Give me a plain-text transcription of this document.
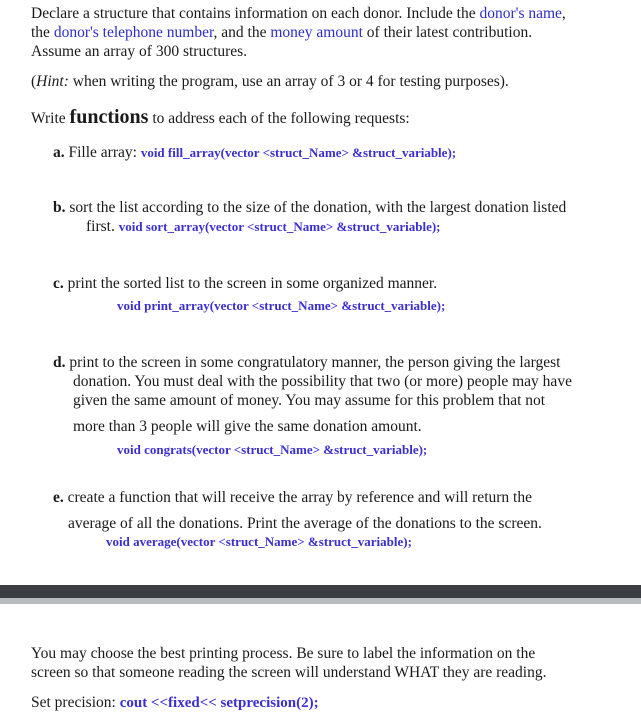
Declare a structure that contains information on each donor. Include the donor's name,
the donor's telephone number, and the money amount of their latest contribution.
Assume an array of 300 structures.
(Hint: when writing the program, use an array of 3 or 4 for testing purposes).
Write functions to address each of the following requests:
a. Fille array: void fill_array(vector <struct_Name> &struct_variable);
b. sort the list according to the size of the donation, with the largest donation listed
first. void sort_array(vector <struct_Name> &struct_variable);
c. print the sorted list to the screen in some organized manner.
void print_array(vector <struct_Name> &struct_variable);
d. print to the screen in some congratulatory manner, the person giving the largest
donation. You must deal with the possibility that two (or more) people may have
given the same amount of money. You may assume for this problem that not
more than 3 people will give the same donation amount.
void congrats(vector <struct_Name> &struct_variable);
e. create a function that will receive the array by reference and will return the
average of all the donations. Print the average of the donations to the screen.
void average(vector <struct_Name> &struct_variable);
You may choose the best printing process. Be sure to label the information on the
screen so that someone reading the screen will understand WHAT they are reading.
Set precision: cout <<fixed<< setprecision(2);
